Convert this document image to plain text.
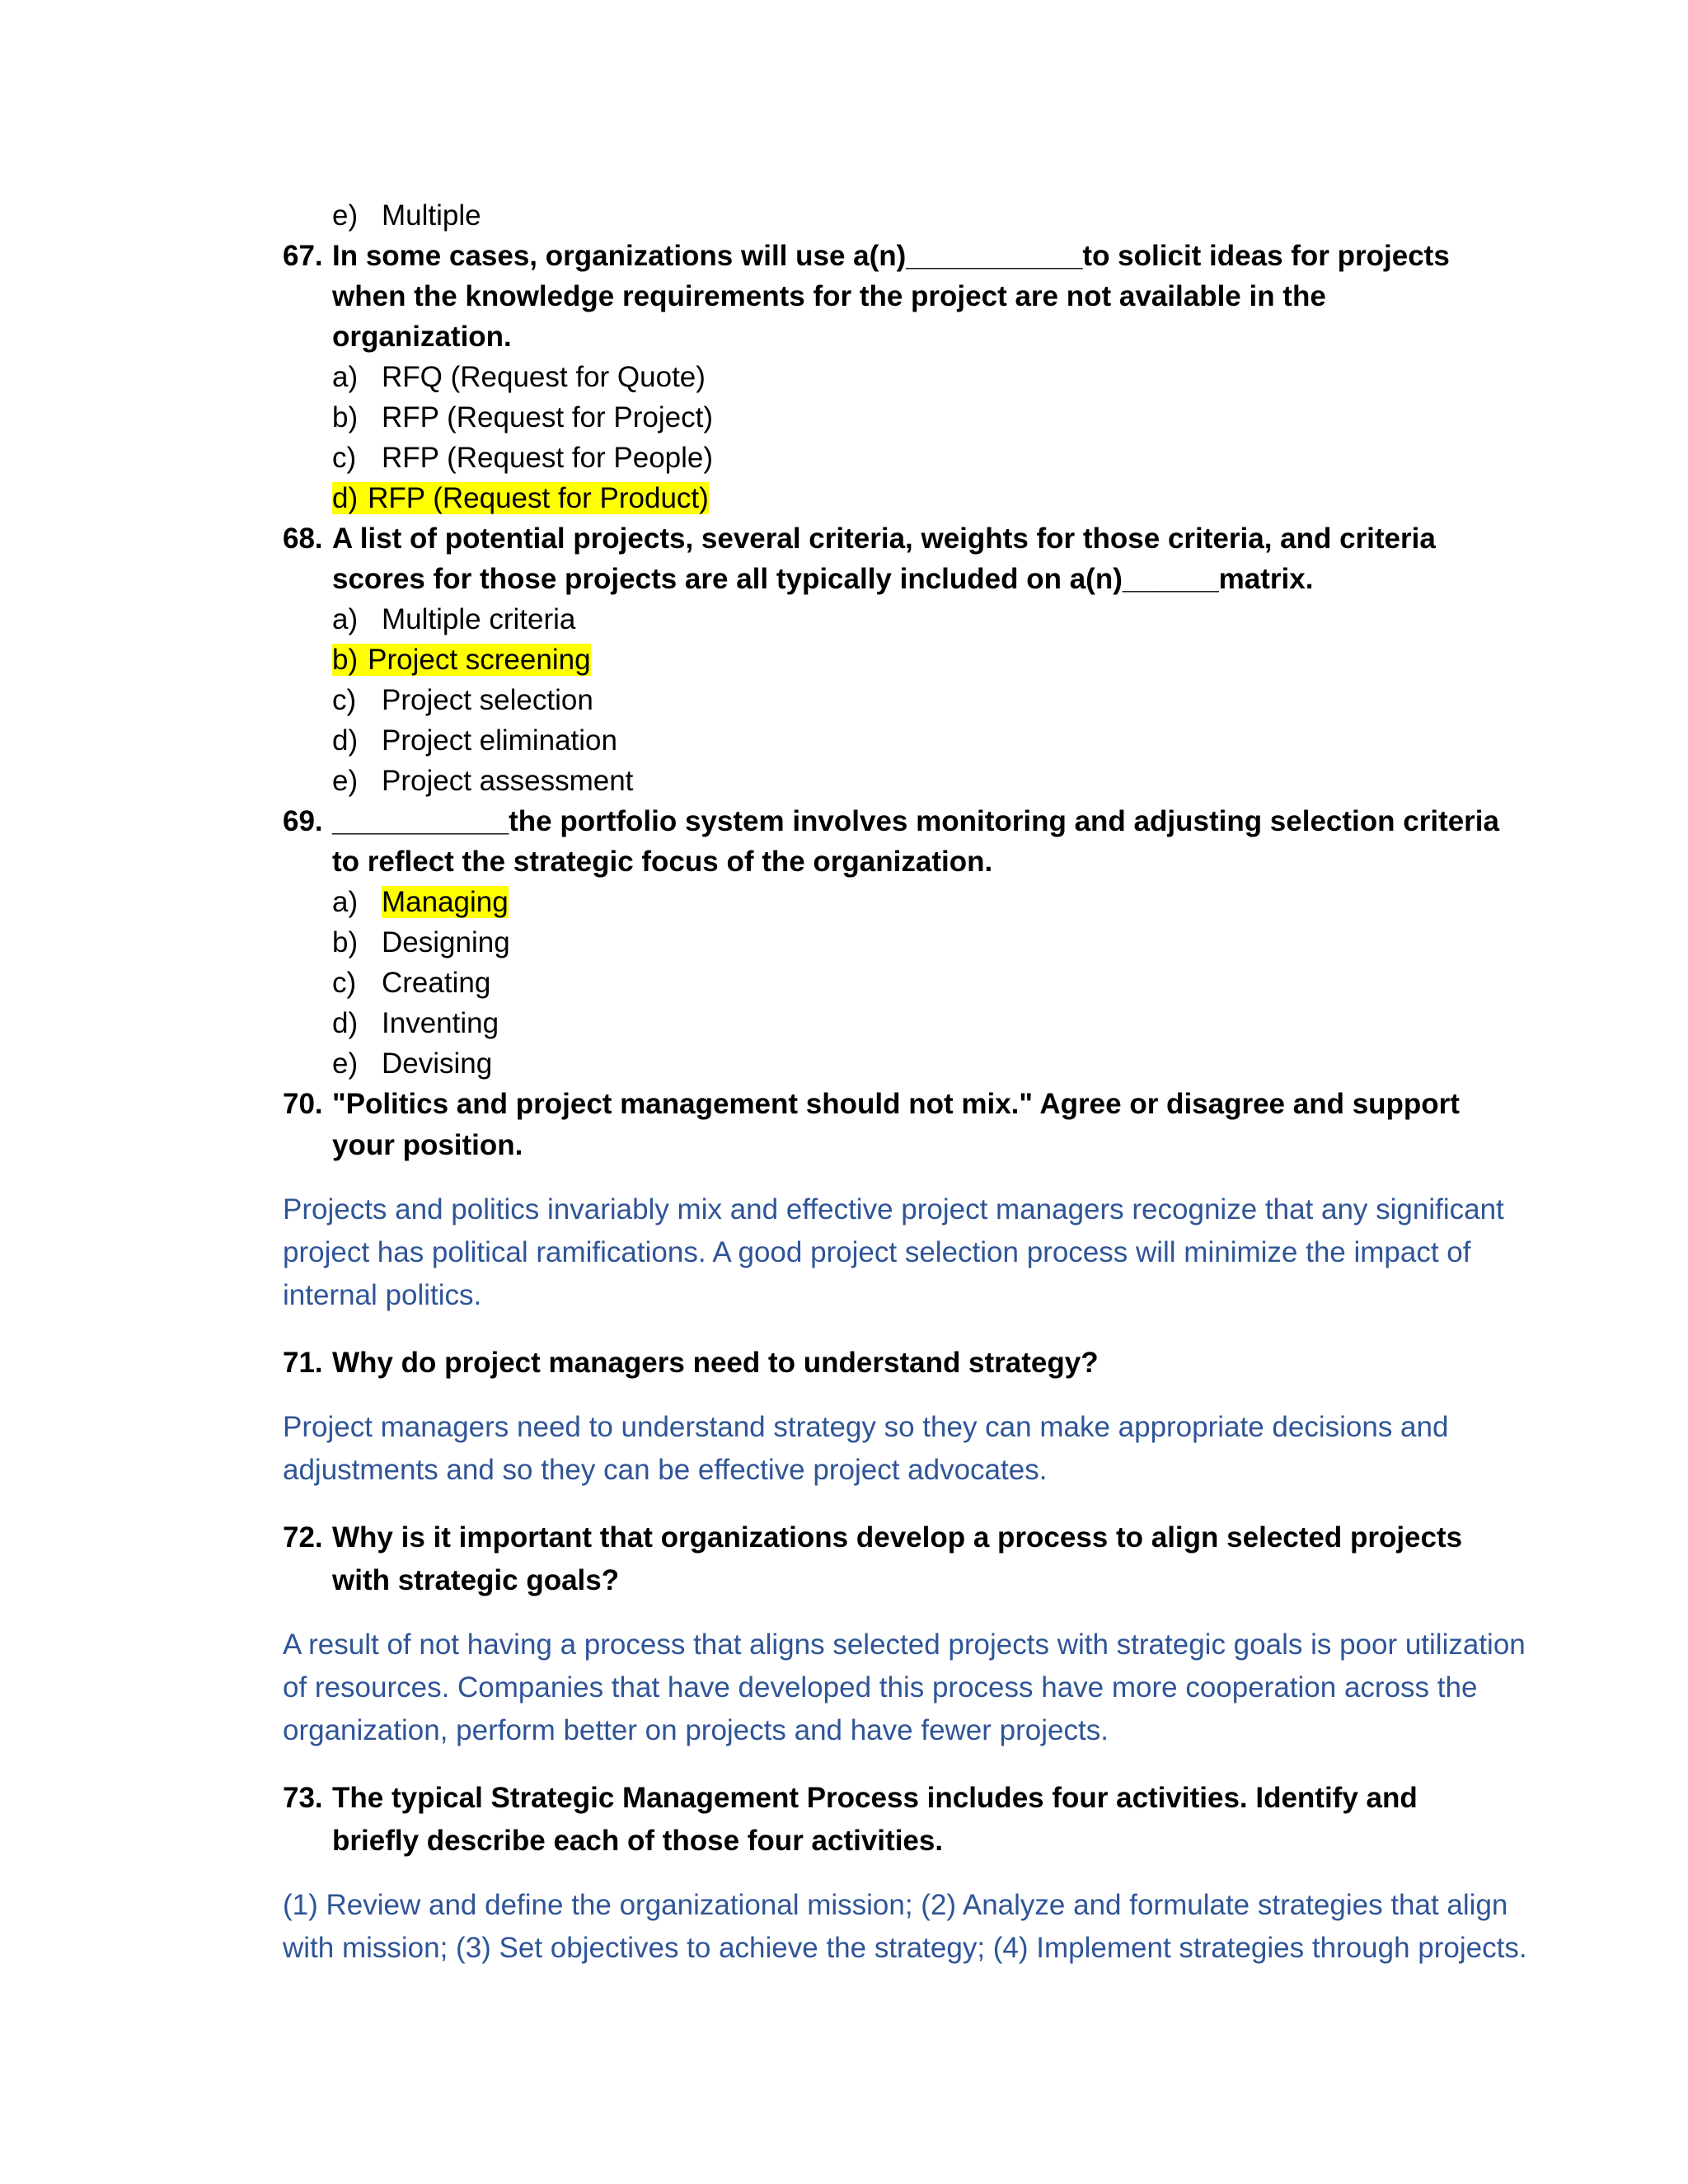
e) Multiple
67. In some cases, organizations will use a(n)___________to solicit ideas for projects
when the knowledge requirements for the project are not available in the
organization.
a) RFQ (Request for Quote)
b) RFP (Request for Project)
c) RFP (Request for People)
d) RFP (Request for Product)
68. A list of potential projects, several criteria, weights for those criteria, and criteria
scores for those projects are all typically included on a(n)______matrix.
a) Multiple criteria
b) Project screening
c) Project selection
d) Project elimination
e) Project assessment
69. ___________the portfolio system involves monitoring and adjusting selection criteria
to reflect the strategic focus of the organization.
a) Managing
b) Designing
c) Creating
d) Inventing
e) Devising
70. "Politics and project management should not mix." Agree or disagree and support
your position.
Projects and politics invariably mix and effective project managers recognize that any significant project has political ramifications. A good project selection process will minimize the impact of internal politics.
71. Why do project managers need to understand strategy?
Project managers need to understand strategy so they can make appropriate decisions and adjustments and so they can be effective project advocates.
72. Why is it important that organizations develop a process to align selected projects
with strategic goals?
A result of not having a process that aligns selected projects with strategic goals is poor utilization of resources. Companies that have developed this process have more cooperation across the organization, perform better on projects and have fewer projects.
73. The typical Strategic Management Process includes four activities. Identify and
briefly describe each of those four activities.
(1) Review and define the organizational mission; (2) Analyze and formulate strategies that align with mission; (3) Set objectives to achieve the strategy; (4) Implement strategies through projects.
